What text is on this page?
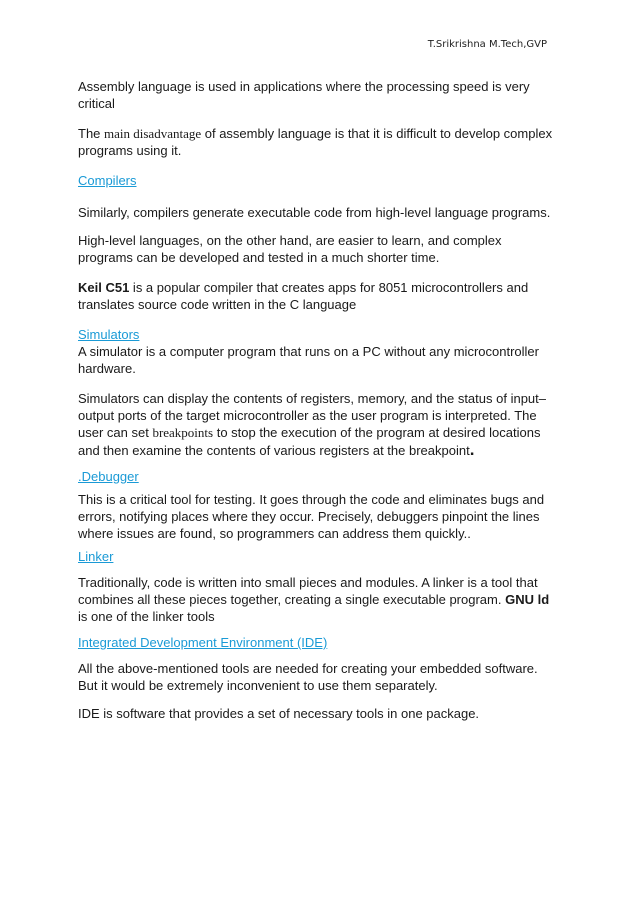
T.Srikrishna M.Tech,GVP

Assembly language is used in applications where the processing speed is very critical

The main disadvantage of assembly language is that it is difficult to develop complex programs using it.

Compilers

Similarly, compilers generate executable code from high-level language programs.

High-level languages, on the other hand, are easier to learn, and complex programs can be developed and tested in a much shorter time.

Keil C51 is a popular compiler that creates apps for 8051 microcontrollers and translates source code written in the C language

Simulators

A simulator is a computer program that runs on a PC without any microcontroller hardware.

Simulators can display the contents of registers, memory, and the status of input–output ports of the target microcontroller as the user program is interpreted. The user can set breakpoints to stop the execution of the program at desired locations and then examine the contents of various registers at the breakpoint.

.Debugger

This is a critical tool for testing. It goes through the code and eliminates bugs and errors, notifying places where they occur. Precisely, debuggers pinpoint the lines where issues are found, so programmers can address them quickly..

Linker

Traditionally, code is written into small pieces and modules. A linker is a tool that combines all these pieces together, creating a single executable program. GNU ld is one of the linker tools

Integrated Development Environment (IDE)

All the above-mentioned tools are needed for creating your embedded software. But it would be extremely inconvenient to use them separately.

IDE is software that provides a set of necessary tools in one package.
